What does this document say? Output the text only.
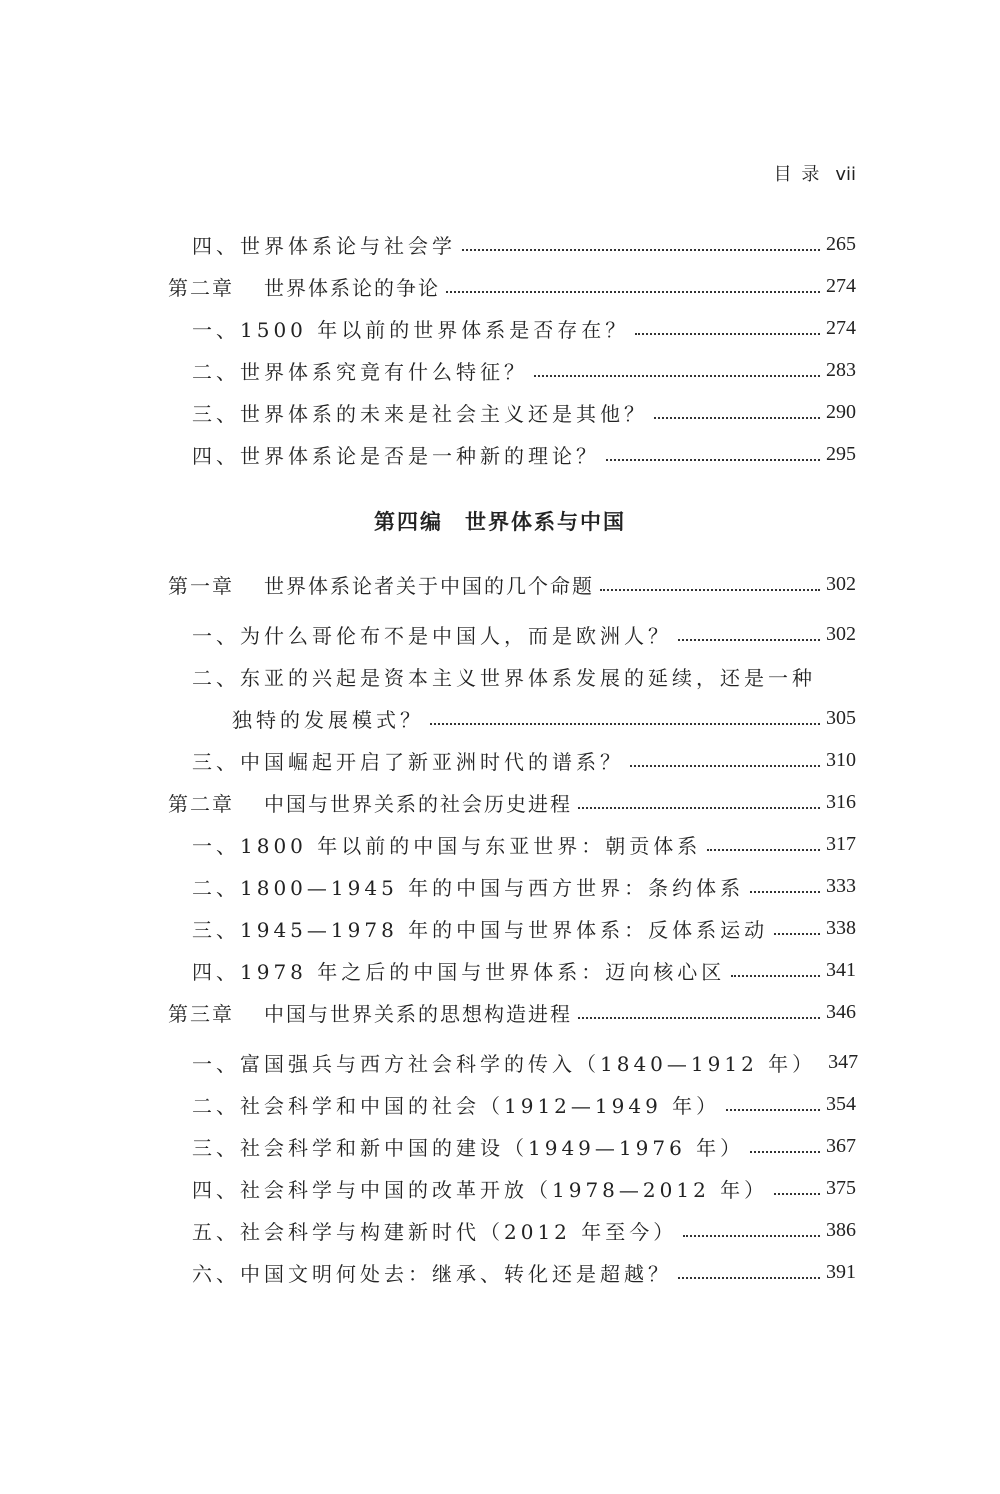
目 录 vii
第四编 世界体系与中国
四、世界体系论与社会学	265
第二章 世界体系论的争论	274
一、1500 年以前的世界体系是否存在？	274
二、世界体系究竟有什么特征？	283
三、世界体系的未来是社会主义还是其他？	290
四、世界体系论是否是一种新的理论？	295
第一章 世界体系论者关于中国的几个命题	302
一、为什么哥伦布不是中国人，而是欧洲人？	302
二、东亚的兴起是资本主义世界体系发展的延续，还是一种
独特的发展模式？	305
三、中国崛起开启了新亚洲时代的谱系？	310
第二章 中国与世界关系的社会历史进程	316
一、1800 年以前的中国与东亚世界：朝贡体系	317
二、1800—1945 年的中国与西方世界：条约体系	333
三、1945—1978 年的中国与世界体系：反体系运动	338
四、1978 年之后的中国与世界体系：迈向核心区	341
第三章 中国与世界关系的思想构造进程	346
一、富国强兵与西方社会科学的传入（1840—1912 年） 347
二、社会科学和中国的社会（1912—1949 年）	354
三、社会科学和新中国的建设（1949—1976 年）	367
四、社会科学与中国的改革开放（1978—2012 年）	375
五、社会科学与构建新时代（2012 年至今）	386
六、中国文明何处去：继承、转化还是超越？	391
